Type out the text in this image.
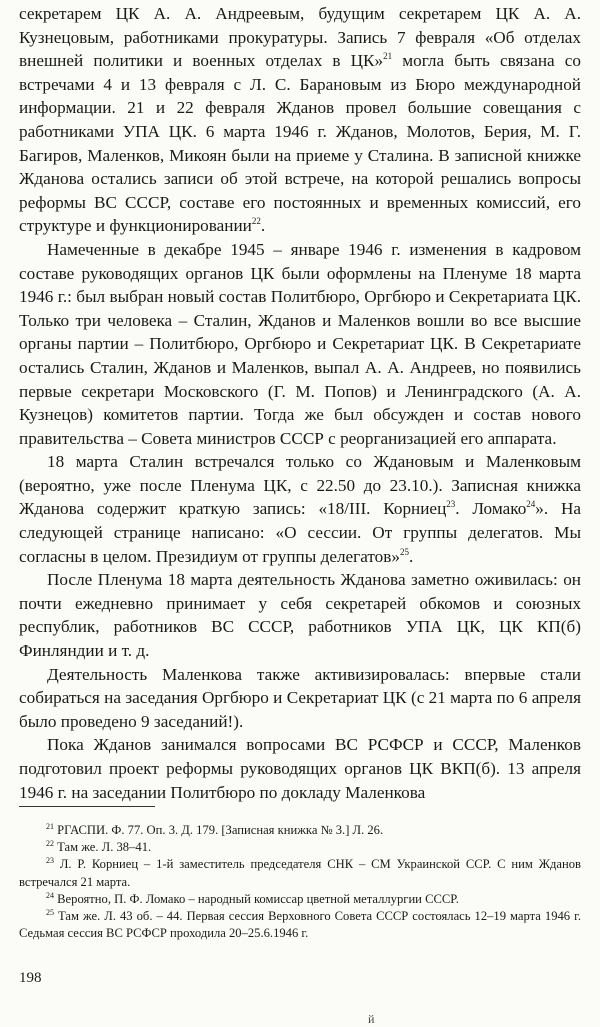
секретарем ЦК А. А. Андреевым, будущим секретарем ЦК А. А. Кузнецовым, работниками прокуратуры. Запись 7 февраля «Об отделах внешней политики и военных отделах в ЦК»$^{21}$ могла быть связана со встречами 4 и 13 февраля с Л. С. Барановым из Бюро международной информации. 21 и 22 февраля Жданов провел большие совещания с работниками УПА ЦК. 6 марта 1946 г. Жданов, Молотов, Берия, М. Г. Багиров, Маленков, Микоян были на приеме у Сталина. В записной книжке Жданова остались записи об этой встрече, на которой решались вопросы реформы ВС СССР, составе его постоянных и временных комиссий, его структуре и функционировании$^{22}$.

Намеченные в декабре 1945 – январе 1946 г. изменения в кадровом составе руководящих органов ЦК были оформлены на Пленуме 18 марта 1946 г.: был выбран новый состав Политбюро, Оргбюро и Секретариата ЦК. Только три человека – Сталин, Жданов и Маленков вошли во все высшие органы партии – Политбюро, Оргбюро и Секретариат ЦК. В Секретариате остались Сталин, Жданов и Маленков, выпал А. А. Андреев, но появились первые секретари Московского (Г. М. Попов) и Ленинградского (А. А. Кузнецов) комитетов партии. Тогда же был обсужден и состав нового правительства – Совета министров СССР с реорганизацией его аппарата.

18 марта Сталин встречался только со Ждановым и Маленковым (вероятно, уже после Пленума ЦК, с 22.50 до 23.10.). Записная книжка Жданова содержит краткую запись: «18/III. Корниец$^{23}$. Ломако$^{24}$». На следующей странице написано: «О сессии. От группы делегатов. Мы согласны в целом. Президиум от группы делегатов»$^{25}$.

После Пленума 18 марта деятельность Жданова заметно оживилась: он почти ежедневно принимает у себя секретарей обкомов и союзных республик, работников ВС СССР, работников УПА ЦК, ЦК КП(б) Финляндии и т. д.

Деятельность Маленкова также активизировалась: впервые стали собираться на заседания Оргбюро и Секретариат ЦК (с 21 марта по 6 апреля было проведено 9 заседаний!).

Пока Жданов занимался вопросами ВС РСФСР и СССР, Маленков подготовил проект реформы руководящих органов ЦК ВКП(б). 13 апреля 1946 г. на заседании Политбюро по докладу Маленкова

$^{21}$ РГАСПИ. Ф. 77. Оп. 3. Д. 179. [Записная книжка № 3.] Л. 26.

$^{22}$ Там же. Л. 38–41.

$^{23}$ Л. Р. Корниец – 1-й заместитель председателя СНК – СМ Украинской ССР. С ним Жданов встречался 21 марта.

$^{24}$ Вероятно, П. Ф. Ломако – народный комиссар цветной металлургии СССР.

$^{25}$ Там же. Л. 43 об. – 44. Первая сессия Верховного Совета СССР состоялась 12–19 марта 1946 г. Седьмая сессия ВС РСФСР проходила 20–25.6.1946 г.

198
й
